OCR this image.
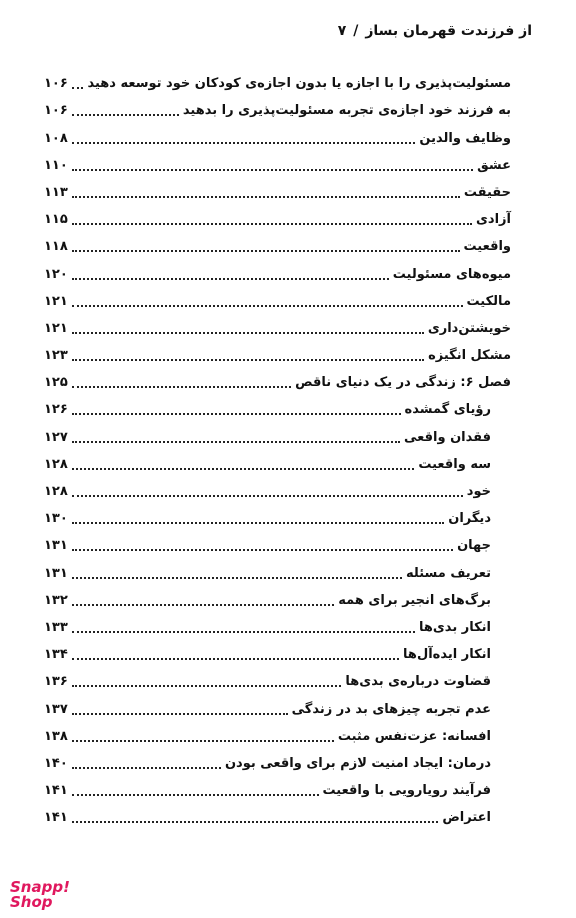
از فرزندت قهرمان بساز
/
۷
مسئولیت‌پذیری را با اجازه یا بدون اجازه‌ی کودکان خود توسعه دهید
۱۰۶
به فرزند خود اجازه‌ی تجربه مسئولیت‌پذیری را بدهید
۱۰۶
وظایف والدین
۱۰۸
عشق
۱۱۰
حقیقت
۱۱۳
آزادی
۱۱۵
واقعیت
۱۱۸
میوه‌های مسئولیت
۱۲۰
مالکیت
۱۲۱
خویشتن‌داری
۱۲۱
مشکل انگیزه
۱۲۳
فصل ۶: زندگی در یک دنیای ناقص
۱۲۵
رؤیای گمشده
۱۲۶
فقدان واقعی
۱۲۷
سه واقعیت
۱۲۸
خود
۱۲۸
دیگران
۱۳۰
جهان
۱۳۱
تعریف مسئله
۱۳۱
برگ‌های انجیر برای همه
۱۳۲
انکار بدی‌ها
۱۳۳
انکار ایده‌آل‌ها
۱۳۴
قضاوت درباره‌ی بدی‌ها
۱۳۶
عدم تجربه چیزهای بد در زندگی
۱۳۷
افسانه: عزت‌نفس مثبت
۱۳۸
درمان: ایجاد امنیت لازم برای واقعی بودن
۱۴۰
فرآیند رویارویی با واقعیت
۱۴۱
اعتراض
۱۴۱
Snapp!
Shop
